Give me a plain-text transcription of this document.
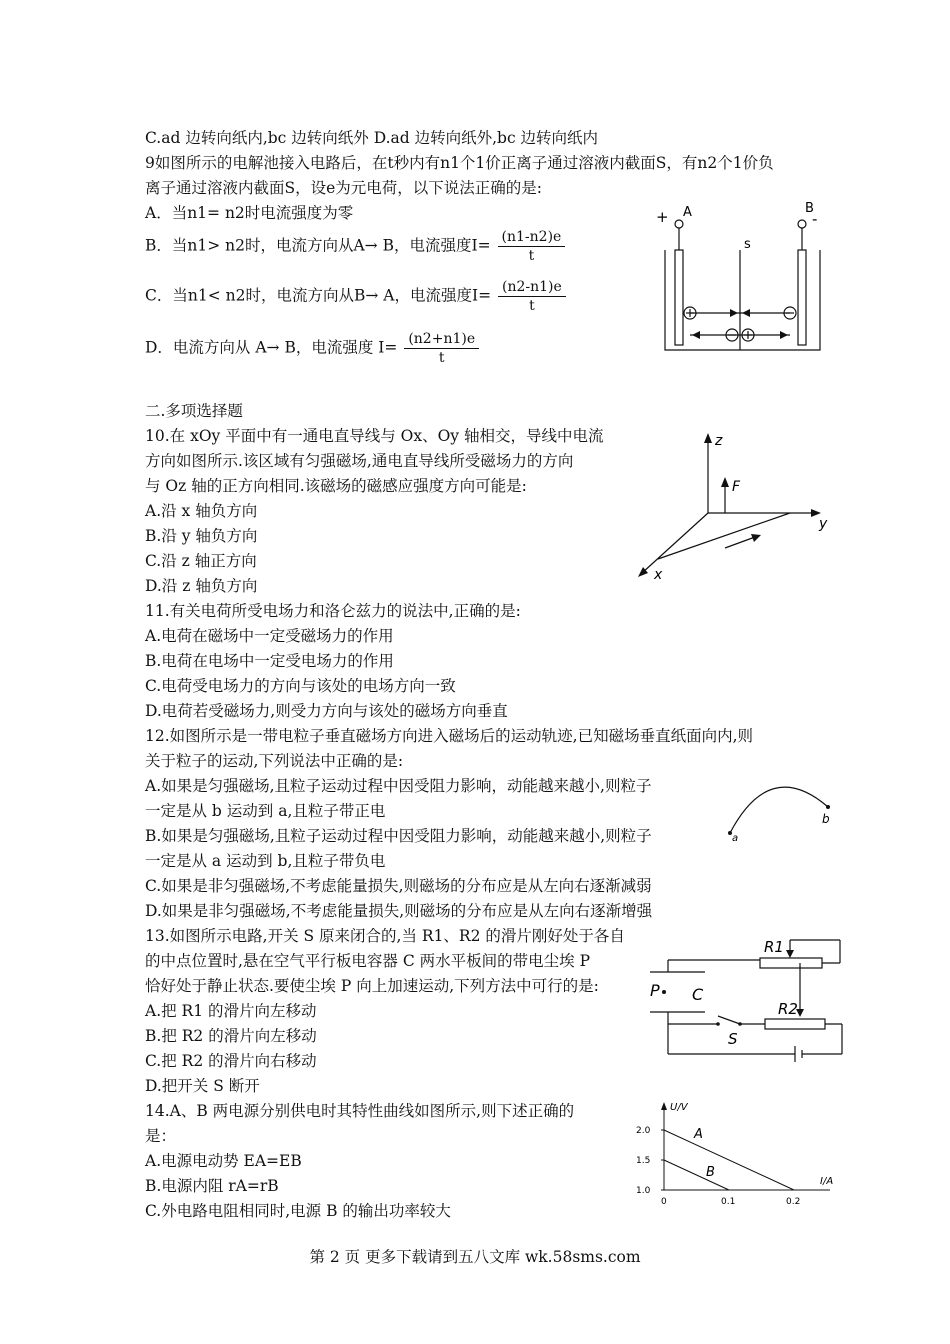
C.ad 边转向纸内,bc 边转向纸外 D.ad 边转向纸外,bc 边转向纸内
9如图所示的电解池接入电路后，在t秒内有n1个1价正离子通过溶液内截面S，有n2个1价负
离子通过溶液内截面S，设e为元电荷，以下说法正确的是:
A．当n1= n2时电流强度为零
B．当n1> n2时，电流方向从A→ B，电流强度$I= \frac{(n1-n2)e}{t}$
C．当n1< n2时，电流方向从B→ A，电流强度$I= \frac{(n2-n1)e}{t}$
D．电流方向从 A→ B，电流强度 $I= \frac{(n2+n1)e}{t}$
二.多项选择题
10.在 xOy 平面中有一通电直导线与 Ox、Oy 轴相交，导线中电流
方向如图所示.该区域有匀强磁场,通电直导线所受磁场力的方向
与 Oz 轴的正方向相同.该磁场的磁感应强度方向可能是:
A.沿 x 轴负方向
B.沿 y 轴负方向
C.沿 z 轴正方向
D.沿 z 轴负方向
11.有关电荷所受电场力和洛仑兹力的说法中,正确的是:
A.电荷在磁场中一定受磁场力的作用
B.电荷在电场中一定受电场力的作用
C.电荷受电场力的方向与该处的电场方向一致
D.电荷若受磁场力,则受力方向与该处的磁场方向垂直
12.如图所示是一带电粒子垂直磁场方向进入磁场后的运动轨迹,已知磁场垂直纸面向内,则
关于粒子的运动,下列说法中正确的是:
A.如果是匀强磁场,且粒子运动过程中因受阻力影响，动能越来越小,则粒子
一定是从 b 运动到 a,且粒子带正电
B.如果是匀强磁场,且粒子运动过程中因受阻力影响，动能越来越小,则粒子
一定是从 a 运动到 b,且粒子带负电
C.如果是非匀强磁场,不考虑能量损失,则磁场的分布应是从左向右逐渐减弱
D.如果是非匀强磁场,不考虑能量损失,则磁场的分布应是从左向右逐渐增强
13.如图所示电路,开关 S 原来闭合的,当 R1、R2 的滑片刚好处于各自
的中点位置时,悬在空气平行板电容器 C 两水平板间的带电尘埃 P
恰好处于静止状态.要使尘埃 P 向上加速运动,下列方法中可行的是:
A.把 R1 的滑片向左移动
B.把 R2 的滑片向左移动
C.把 R2 的滑片向右移动
D.把开关 S 断开
14.A、B 两电源分别供电时其特性曲线如图所示,则下述正确的
是：
A.电源电动势 EA=EB
B.电源内阻 rA=rB
C.外电路电阻相同时,电源 B 的输出功率较大
+ A	B
-
s
z
F
y
x
a
b
R1
R2
P C
S
U/V
I/A
2.0
1.5
1.0
0	0.1	0.2
A
B
第 2 页 更多下载请到五八文库 wk.58sms.com
